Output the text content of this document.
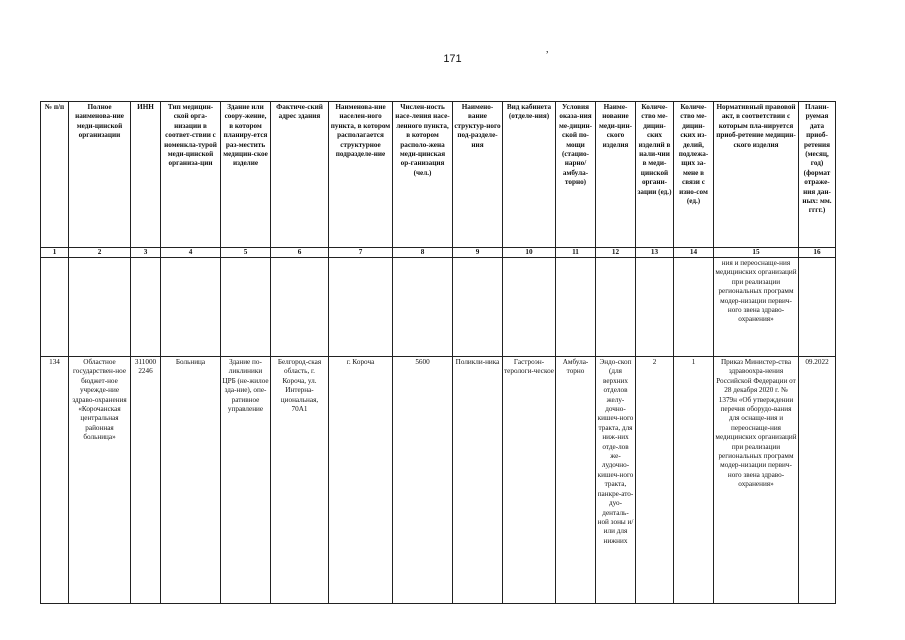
171
,
№ п/п	Полное наименова-ние меди-цинской организации	ИНН	Тип медицин-ской орга-низации в соответ-ствии с номенкла-турой меди-цинской организа-ции	Здание или соору-жение, в котором планиру-ется раз-местить медицин-ское изделие	Фактиче-ский адрес здания	Наименова-ние населен-ного пункта, в котором располагается структурное подразделе-ние	Числен-ность насе-ления насе-ленного пункта, в котором располо-жена меди-цинская ор-ганизация (чел.)	Наимено-вание структур-ного под-разделе-ния	Вид кабинета (отделе-ния)	Условия оказа-ния ме-дицин-ской по-мощи (стацио-нарно/ амбула-торно)	Наиме-нование меди-цин-ского изделия	Количе-ство ме-дицин-ских изделий в нали-чии в меди-цинской органи-зации (ед.)	Количе-ство ме-дицин-ских из-делий, подлежа-щих за-мене в связи с изно-сом (ед.)	Нормативный правовой акт, в соответствии с которым пла-нируется приоб-ретение медицин-ского изделия	Плани-руемая дата приоб-ретения (месяц, год) (формат отраже-ния дан-ных: мм. гггг.)
1	2	3	4	5	6	7	8	9	10	11	12	13	14	15	16
														ния и переоснаще-ния медицинских организаций при реализации региональных программ модер-низации первич-ного звена здраво-охранения»	
134	Областное государствен-ное бюджет-ное учрежде-ние здраво-охранения «Корочанская центральная районная больница»	311000 2246	Больница	Здание по-ликлиники ЦРБ (не-жилое зда-ние), опе-ративное управление	Белгород-ская область, г. Короча, ул. Интерна-циональная, 70А1	г. Короча	5600	Поликли-ника	Гастроэн-терологи-ческое	Амбула-торно	Эндо-скоп (для верхних отделов желу-дочно-кишеч-ного тракта, для ниж-них отде-лов же-лудочно-кишеч-ного тракта, панкре-ато-дуо-денталь-ной зоны и/или для нижних	2	1	Приказ Министер-ства здравоохра-нения Российской Федерации от 28 декабря 2020 г. № 1379н «Об утверждении перечня оборудо-вания для оснаще-ния и переоснаще-ния медицинских организаций при реализации региональных программ модер-низации первич-ного звена здраво-охранения»	09.2022
